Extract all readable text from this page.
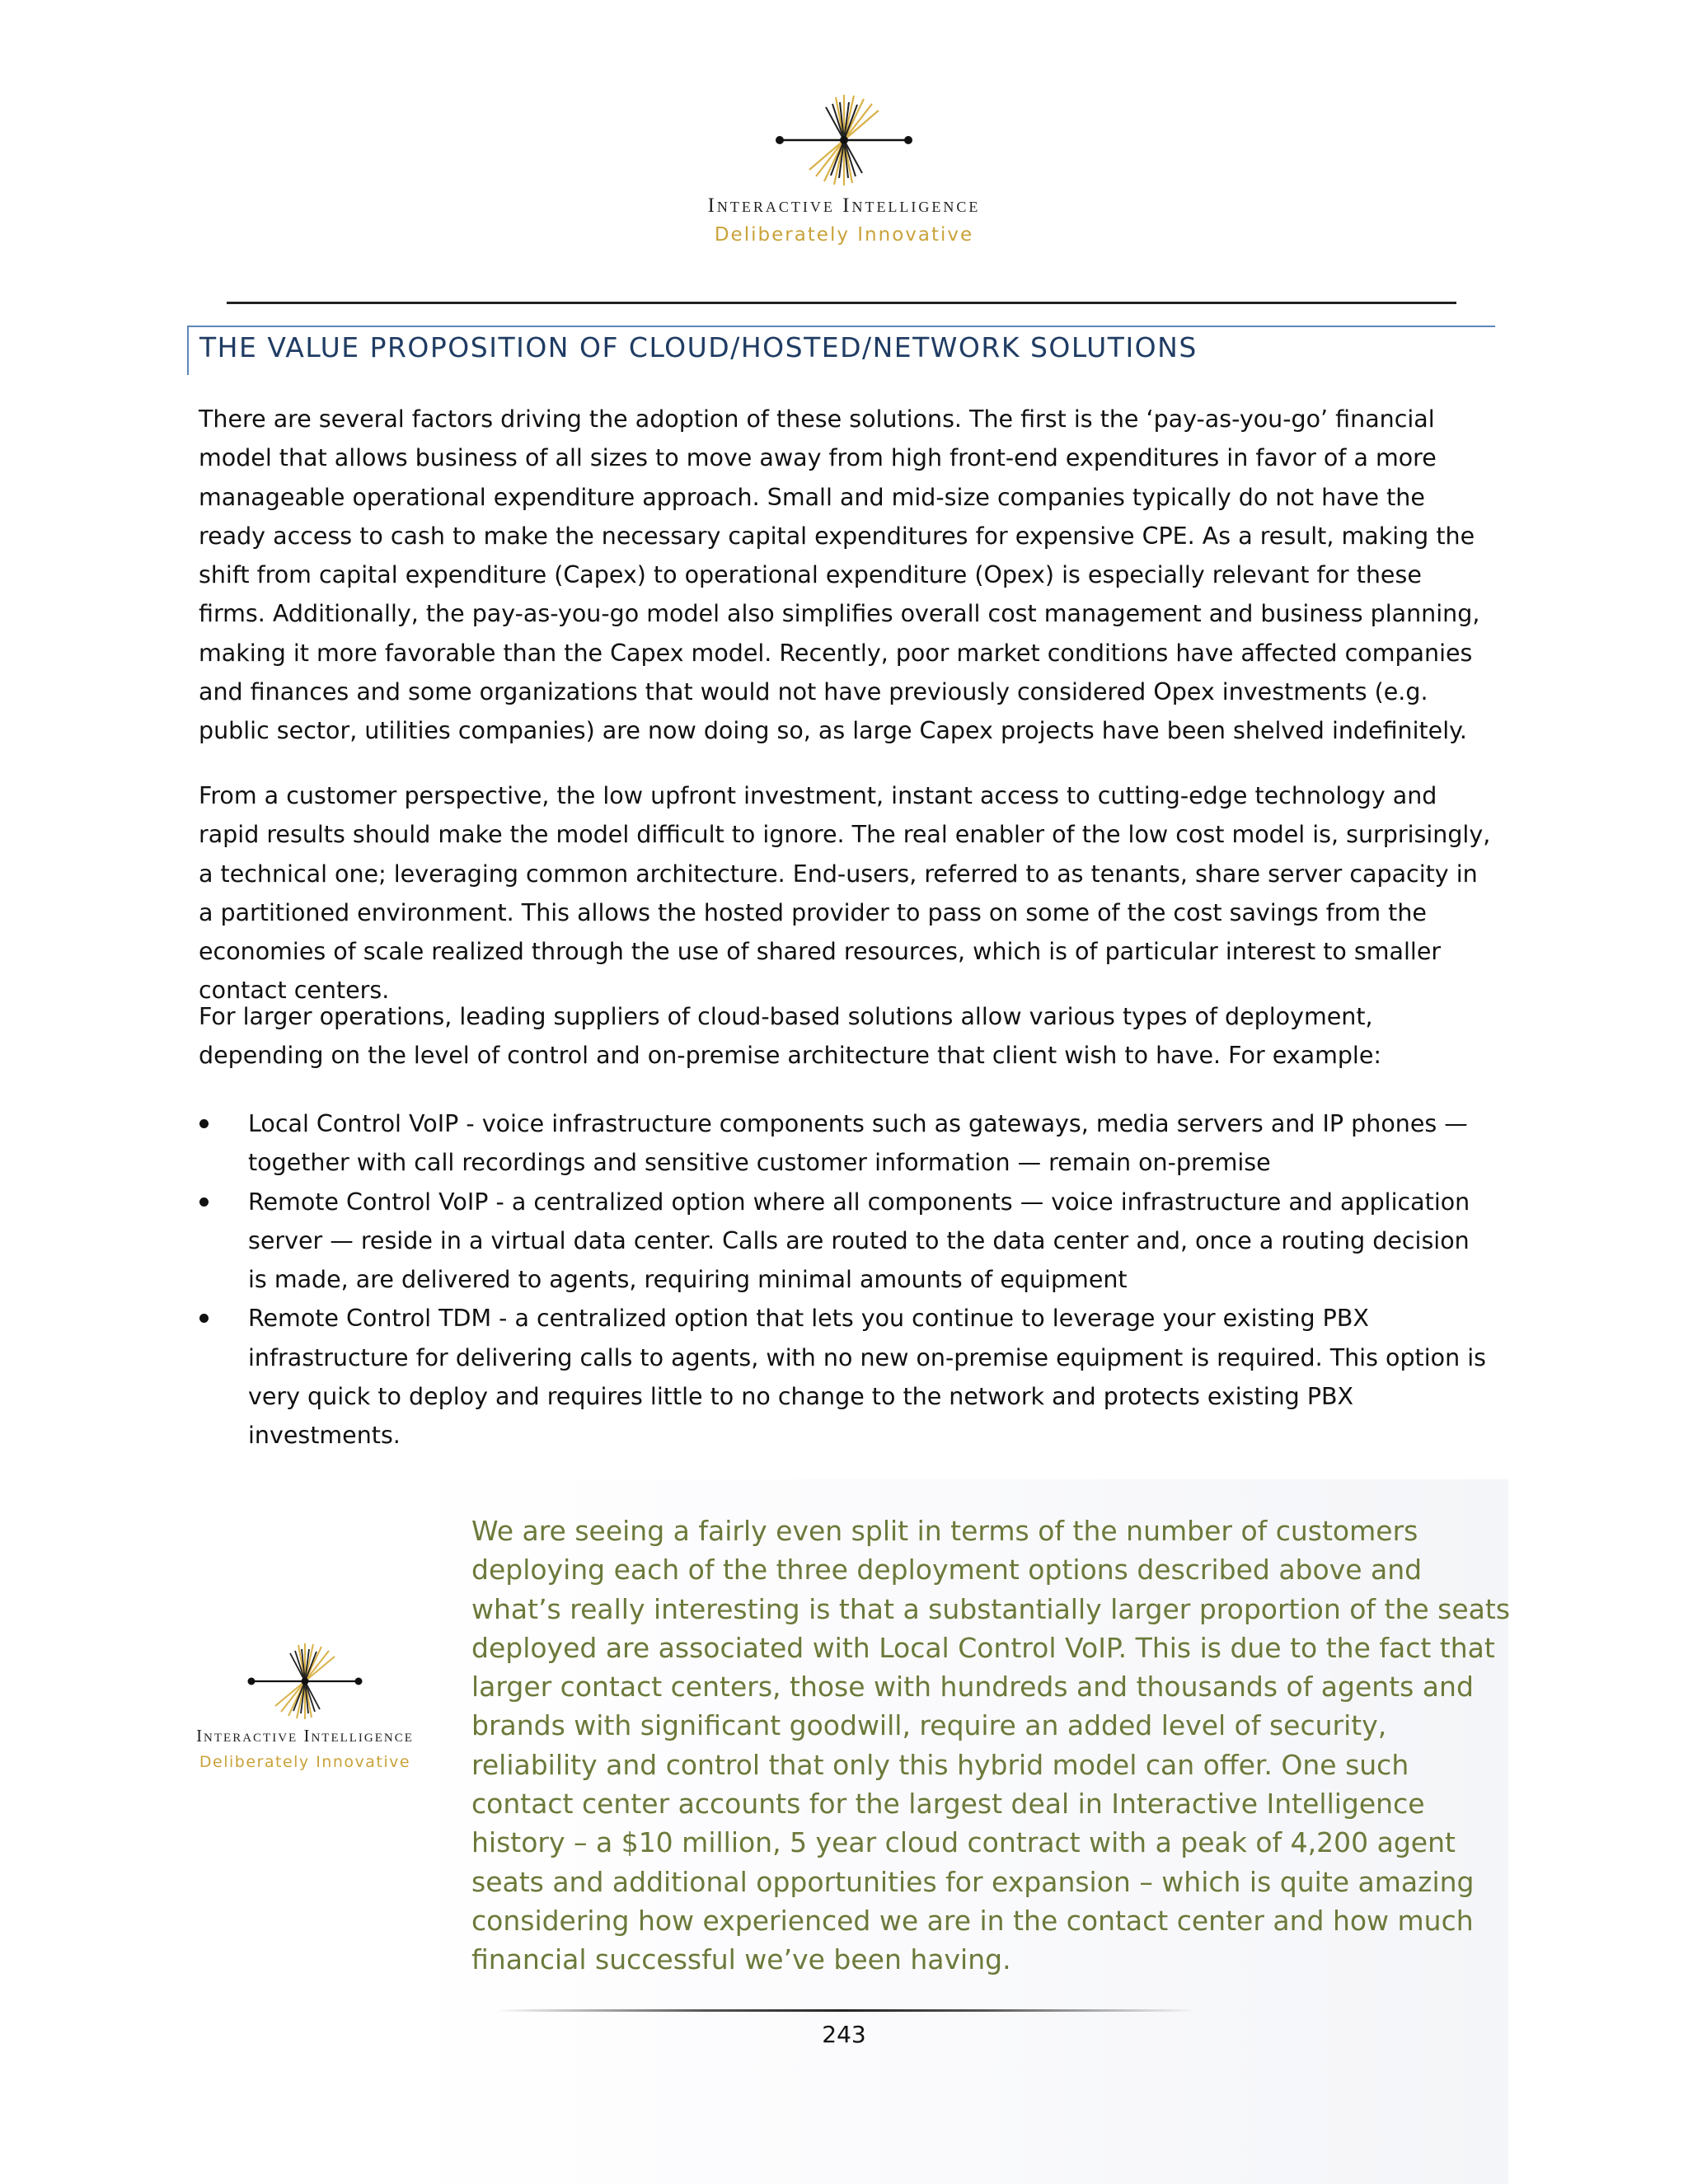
Interactive Intelligence
Deliberately Innovative
THE VALUE PROPOSITION OF CLOUD/HOSTED/NETWORK SOLUTIONS

There are several factors driving the adoption of these solutions. The first is the ‘pay-as-you-go’ financial model that allows business of all sizes to move away from high front-end expenditures in favor of a more manageable operational expenditure approach. Small and mid-size companies typically do not have the ready access to cash to make the necessary capital expenditures for expensive CPE. As a result, making the shift from capital expenditure (Capex) to operational expenditure (Opex) is especially relevant for these firms. Additionally, the pay-as-you-go model also simplifies overall cost management and business planning, making it more favorable than the Capex model. Recently, poor market conditions have affected companies and finances and some organizations that would not have previously considered Opex investments (e.g. public sector, utilities companies) are now doing so, as large Capex projects have been shelved indefinitely.

From a customer perspective, the low upfront investment, instant access to cutting-edge technology and rapid results should make the model difficult to ignore. The real enabler of the low cost model is, surprisingly, a technical one; leveraging common architecture. End-users, referred to as tenants, share server capacity in a partitioned environment. This allows the hosted provider to pass on some of the cost savings from the economies of scale realized through the use of shared resources, which is of particular interest to smaller contact centers.

For larger operations, leading suppliers of cloud-based solutions allow various types of deployment, depending on the level of control and on-premise architecture that client wish to have. For example:

Local Control VoIP - voice infrastructure components such as gateways, media servers and IP phones — together with call recordings and sensitive customer information — remain on-premise
Remote Control VoIP - a centralized option where all components — voice infrastructure and application server — reside in a virtual data center. Calls are routed to the data center and, once a routing decision is made, are delivered to agents, requiring minimal amounts of equipment
Remote Control TDM - a centralized option that lets you continue to leverage your existing PBX infrastructure for delivering calls to agents, with no new on-premise equipment is required. This option is very quick to deploy and requires little to no change to the network and protects existing PBX investments.
Interactive Intelligence
Deliberately Innovative

We are seeing a fairly even split in terms of the number of customers deploying each of the three deployment options described above and what’s really interesting is that a substantially larger proportion of the seats deployed are associated with Local Control VoIP. This is due to the fact that larger contact centers, those with hundreds and thousands of agents and brands with significant goodwill, require an added level of security, reliability and control that only this hybrid model can offer. One such contact center accounts for the largest deal in Interactive Intelligence history – a $10 million, 5 year cloud contract with a peak of 4,200 agent seats and additional opportunities for expansion – which is quite amazing considering how experienced we are in the contact center and how much financial successful we’ve been having.

243
